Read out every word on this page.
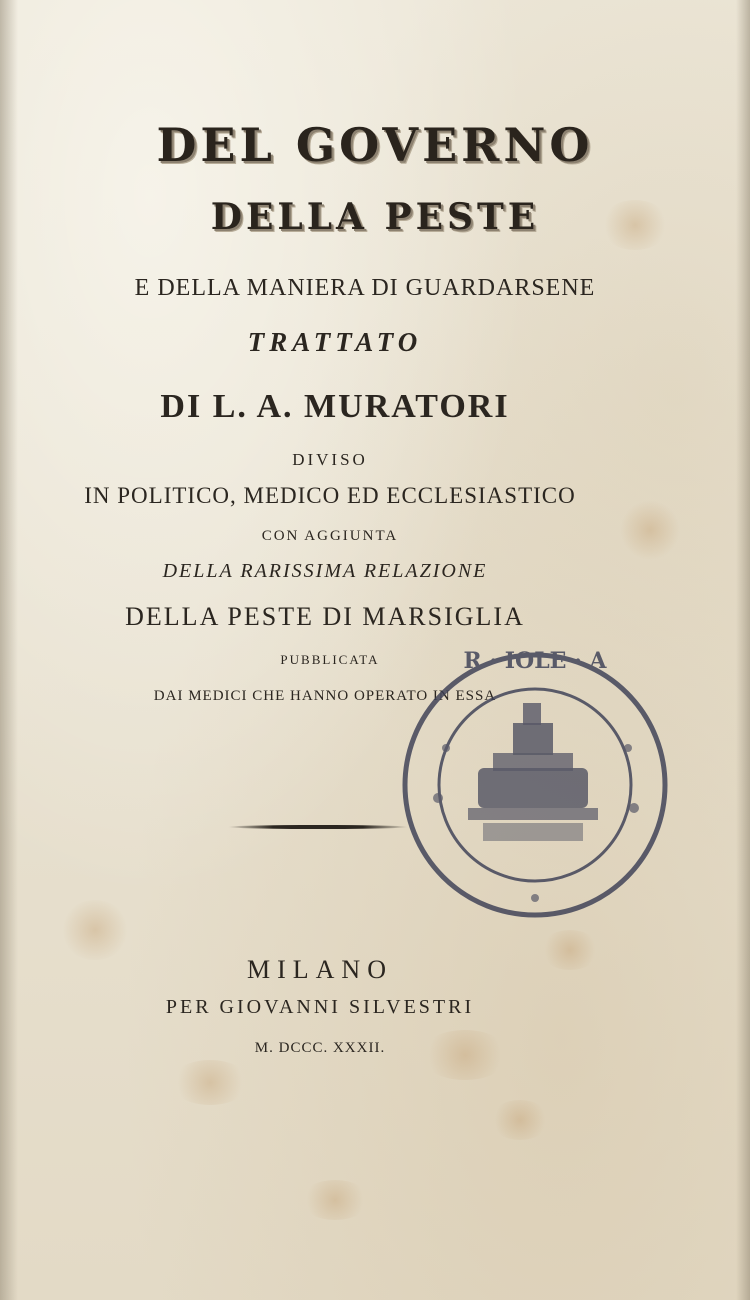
DEL GOVERNO

DELLA PESTE

E DELLA MANIERA DI GUARDARSENE

TRATTATO

DI L. A. MURATORI

DIVISO

IN POLITICO, MEDICO ED ECCLESIASTICO

CON AGGIUNTA

DELLA RARISSIMA RELAZIONE

DELLA PESTE DI MARSIGLIA

PUBBLICATA

DAI MEDICI CHE HANNO OPERATO IN ESSA

R · IOLE · A

MILANO

PER GIOVANNI SILVESTRI

M. DCCC. XXXII.
